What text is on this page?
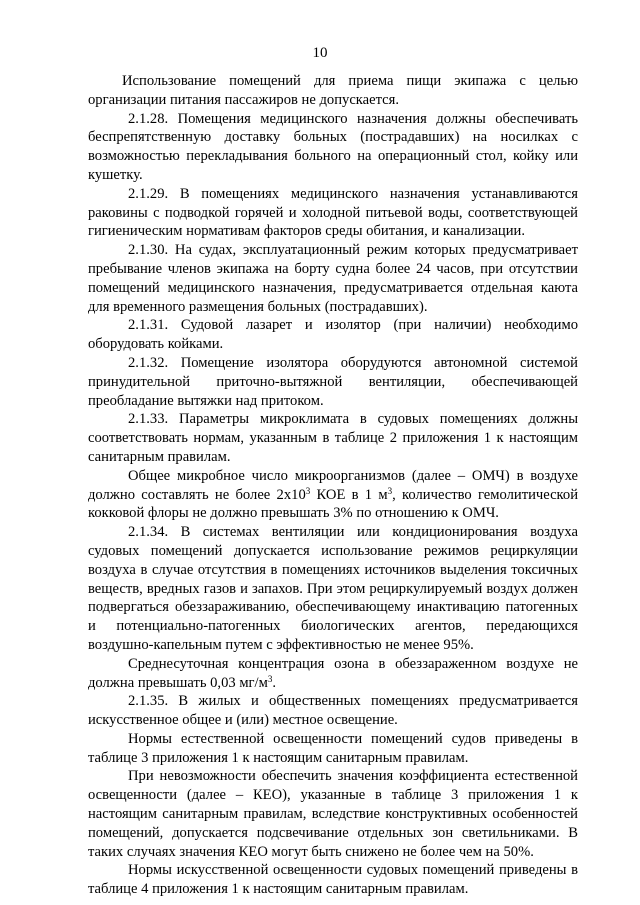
10

Использование помещений для приема пищи экипажа с целью организации питания пассажиров не допускается.

2.1.28. Помещения медицинского назначения должны обеспечивать беспрепятственную доставку больных (пострадавших) на носилках с возможностью перекладывания больного на операционный стол, койку или кушетку.

2.1.29. В помещениях медицинского назначения устанавливаются раковины с подводкой горячей и холодной питьевой воды, соответствующей гигиеническим нормативам факторов среды обитания, и канализации.

2.1.30. На судах, эксплуатационный режим которых предусматривает пребывание членов экипажа на борту судна более 24 часов, при отсутствии помещений медицинского назначения, предусматривается отдельная каюта для временного размещения больных (пострадавших).

2.1.31. Судовой лазарет и изолятор (при наличии) необходимо оборудовать койками.

2.1.32. Помещение изолятора оборудуются автономной системой принудительной приточно-вытяжной вентиляции, обеспечивающей преобладание вытяжки над притоком.

2.1.33. Параметры микроклимата в судовых помещениях должны соответствовать нормам, указанным в таблице 2 приложения 1 к настоящим санитарным правилам.

Общее микробное число микроорганизмов (далее – ОМЧ) в воздухе должно составлять не более $2х10^3$ КОЕ в 1 $м^3$, количество гемолитической кокковой флоры не должно превышать 3% по отношению к ОМЧ.

2.1.34. В системах вентиляции или кондиционирования воздуха судовых помещений допускается использование режимов рециркуляции воздуха в случае отсутствия в помещениях источников выделения токсичных веществ, вредных газов и запахов. При этом рециркулируемый воздух должен подвергаться обеззараживанию, обеспечивающему инактивацию патогенных и потенциально-патогенных биологических агентов, передающихся воздушно-капельным путем с эффективностью не менее 95%.

Среднесуточная концентрация озона в обеззараженном воздухе не должна превышать 0,03 $мг/м^3$.

2.1.35. В жилых и общественных помещениях предусматривается искусственное общее и (или) местное освещение.

Нормы естественной освещенности помещений судов приведены в таблице 3 приложения 1 к настоящим санитарным правилам.

При невозможности обеспечить значения коэффициента естественной освещенности (далее – КЕО), указанные в таблице 3 приложения 1 к настоящим санитарным правилам, вследствие конструктивных особенностей помещений, допускается подсвечивание отдельных зон светильниками. В таких случаях значения КЕО могут быть снижено не более чем на 50%.

Нормы искусственной освещенности судовых помещений приведены в таблице 4 приложения 1 к настоящим санитарным правилам.
